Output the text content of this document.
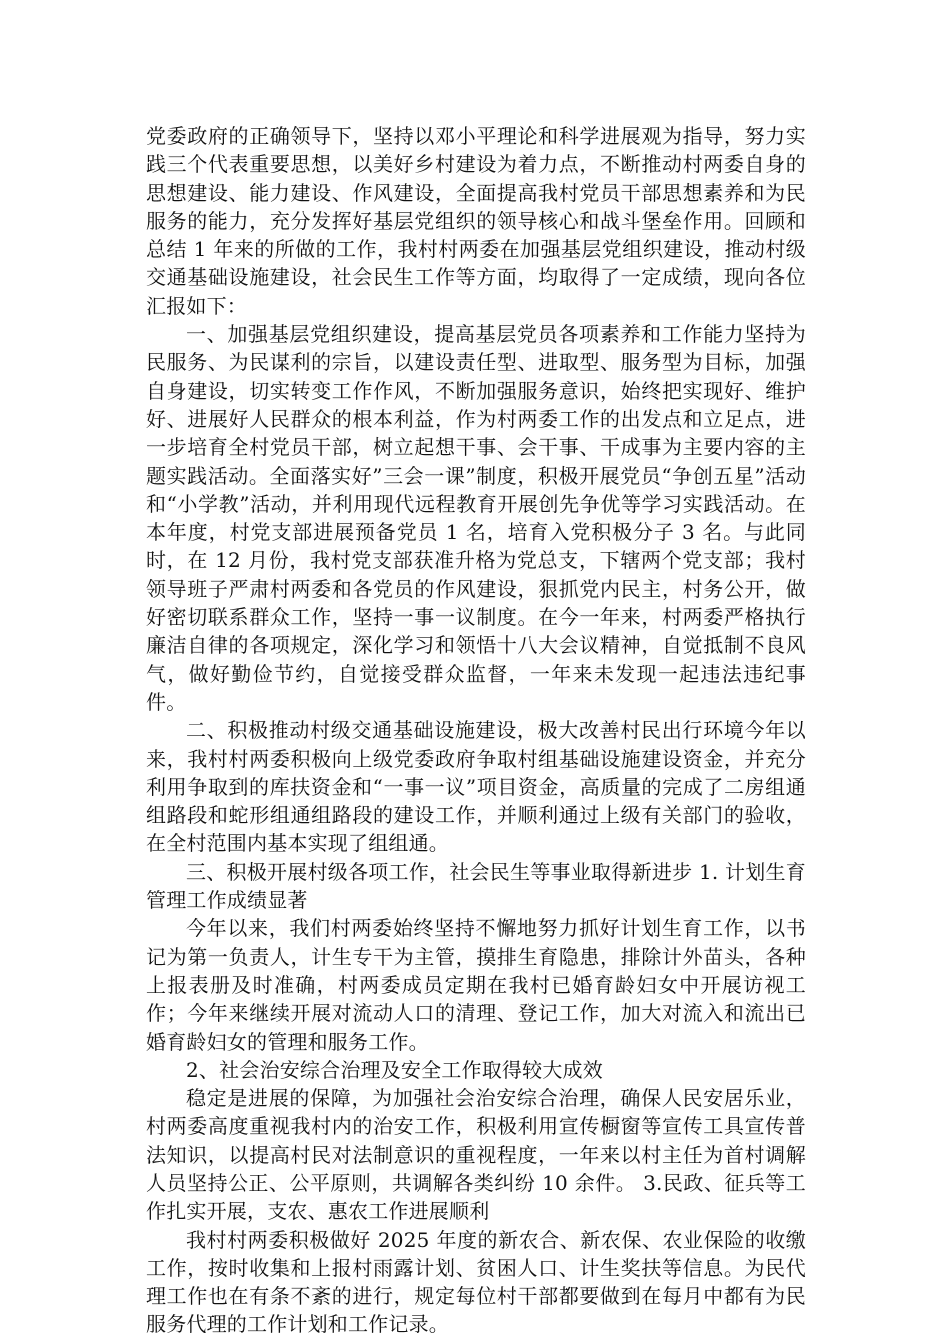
党委政府的正确领导下，坚持以邓小平理论和科学进展观为指导，努力实践三个代表重要思想，以美好乡村建设为着力点，不断推动村两委自身的思想建设、能力建设、作风建设，全面提高我村党员干部思想素养和为民服务的能力，充分发挥好基层党组织的领导核心和战斗堡垒作用。回顾和总结 1 年来的所做的工作，我村村两委在加强基层党组织建设，推动村级交通基础设施建设，社会民生工作等方面，均取得了一定成绩，现向各位汇报如下：

一、加强基层党组织建设，提高基层党员各项素养和工作能力坚持为民服务、为民谋利的宗旨，以建设责任型、进取型、服务型为目标，加强自身建设，切实转变工作作风，不断加强服务意识，始终把实现好、维护好、进展好人民群众的根本利益，作为村两委工作的出发点和立足点，进一步培育全村党员干部，树立起想干事、会干事、干成事为主要内容的主题实践活动。全面落实好”三会一课”制度，积极开展党员“争创五星”活动和“小学教”活动，并利用现代远程教育开展创先争优等学习实践活动。在本年度，村党支部进展预备党员 1 名，培育入党积极分子 3 名。与此同时，在 12 月份，我村党支部获准升格为党总支，下辖两个党支部；我村领导班子严肃村两委和各党员的作风建设，狠抓党内民主，村务公开，做好密切联系群众工作，坚持一事一议制度。在今一年来，村两委严格执行廉洁自律的各项规定，深化学习和领悟十八大会议精神，自觉抵制不良风气，做好勤俭节约，自觉接受群众监督，一年来未发现一起违法违纪事件。

二、积极推动村级交通基础设施建设，极大改善村民出行环境今年以来，我村村两委积极向上级党委政府争取村组基础设施建设资金，并充分利用争取到的库扶资金和“一事一议”项目资金，高质量的完成了二房组通组路段和蛇形组通组路段的建设工作，并顺利通过上级有关部门的验收，在全村范围内基本实现了组组通。

三、积极开展村级各项工作，社会民生等事业取得新进步 1. 计划生育管理工作成绩显著

今年以来，我们村两委始终坚持不懈地努力抓好计划生育工作，以书记为第一负责人，计生专干为主管，摸排生育隐患，排除计外苗头，各种上报表册及时准确，村两委成员定期在我村已婚育龄妇女中开展访视工作；今年来继续开展对流动人口的清理、登记工作，加大对流入和流出已婚育龄妇女的管理和服务工作。

2、社会治安综合治理及安全工作取得较大成效

稳定是进展的保障，为加强社会治安综合治理，确保人民安居乐业，村两委高度重视我村内的治安工作，积极利用宣传橱窗等宣传工具宣传普法知识，以提高村民对法制意识的重视程度，一年来以村主任为首村调解人员坚持公正、公平原则，共调解各类纠纷 10 余件。 3.民政、征兵等工作扎实开展，支农、惠农工作进展顺利

我村村两委积极做好 2025 年度的新农合、新农保、农业保险的收缴工作，按时收集和上报村雨露计划、贫困人口、计生奖扶等信息。为民代理工作也在有条不紊的进行，规定每位村干部都要做到在每月中都有为民服务代理的工作计划和工作记录。
